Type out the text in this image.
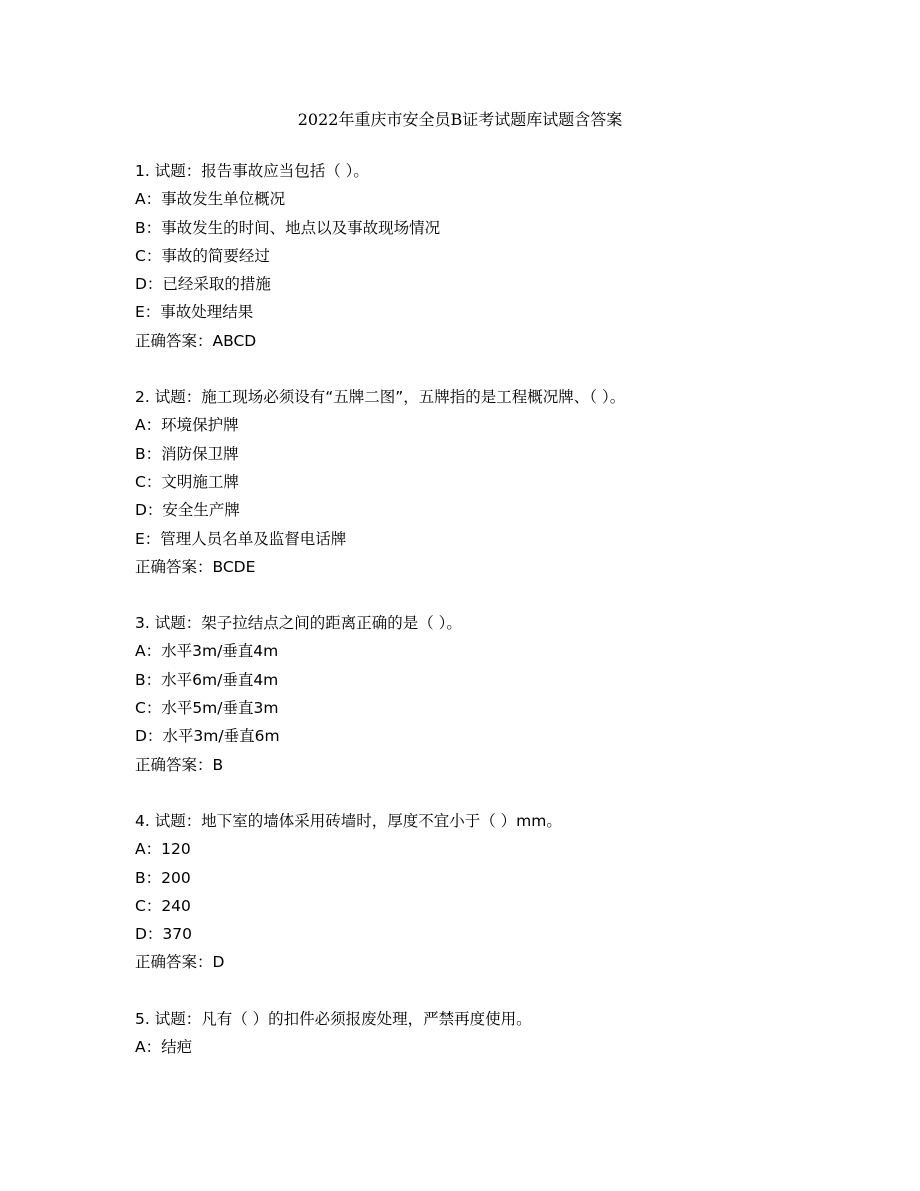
2022年重庆市安全员B证考试题库试题含答案
1. 试题：报告事故应当包括（ ）。
A：事故发生单位概况
B：事故发生的时间、地点以及事故现场情况
C：事故的简要经过
D：已经采取的措施
E：事故处理结果
正确答案：ABCD
2. 试题：施工现场必须设有“五牌二图”，五牌指的是工程概况牌、（ ）。
A：环境保护牌
B：消防保卫牌
C：文明施工牌
D：安全生产牌
E：管理人员名单及监督电话牌
正确答案：BCDE
3. 试题：架子拉结点之间的距离正确的是（ ）。
A：水平3m/垂直4m
B：水平6m/垂直4m
C：水平5m/垂直3m
D：水平3m/垂直6m
正确答案：B
4. 试题：地下室的墙体采用砖墙时，厚度不宜小于（ ）mm。
A：120
B：200
C：240
D：370
正确答案：D
5. 试题：凡有（ ）的扣件必须报废处理，严禁再度使用。
A：结疤
